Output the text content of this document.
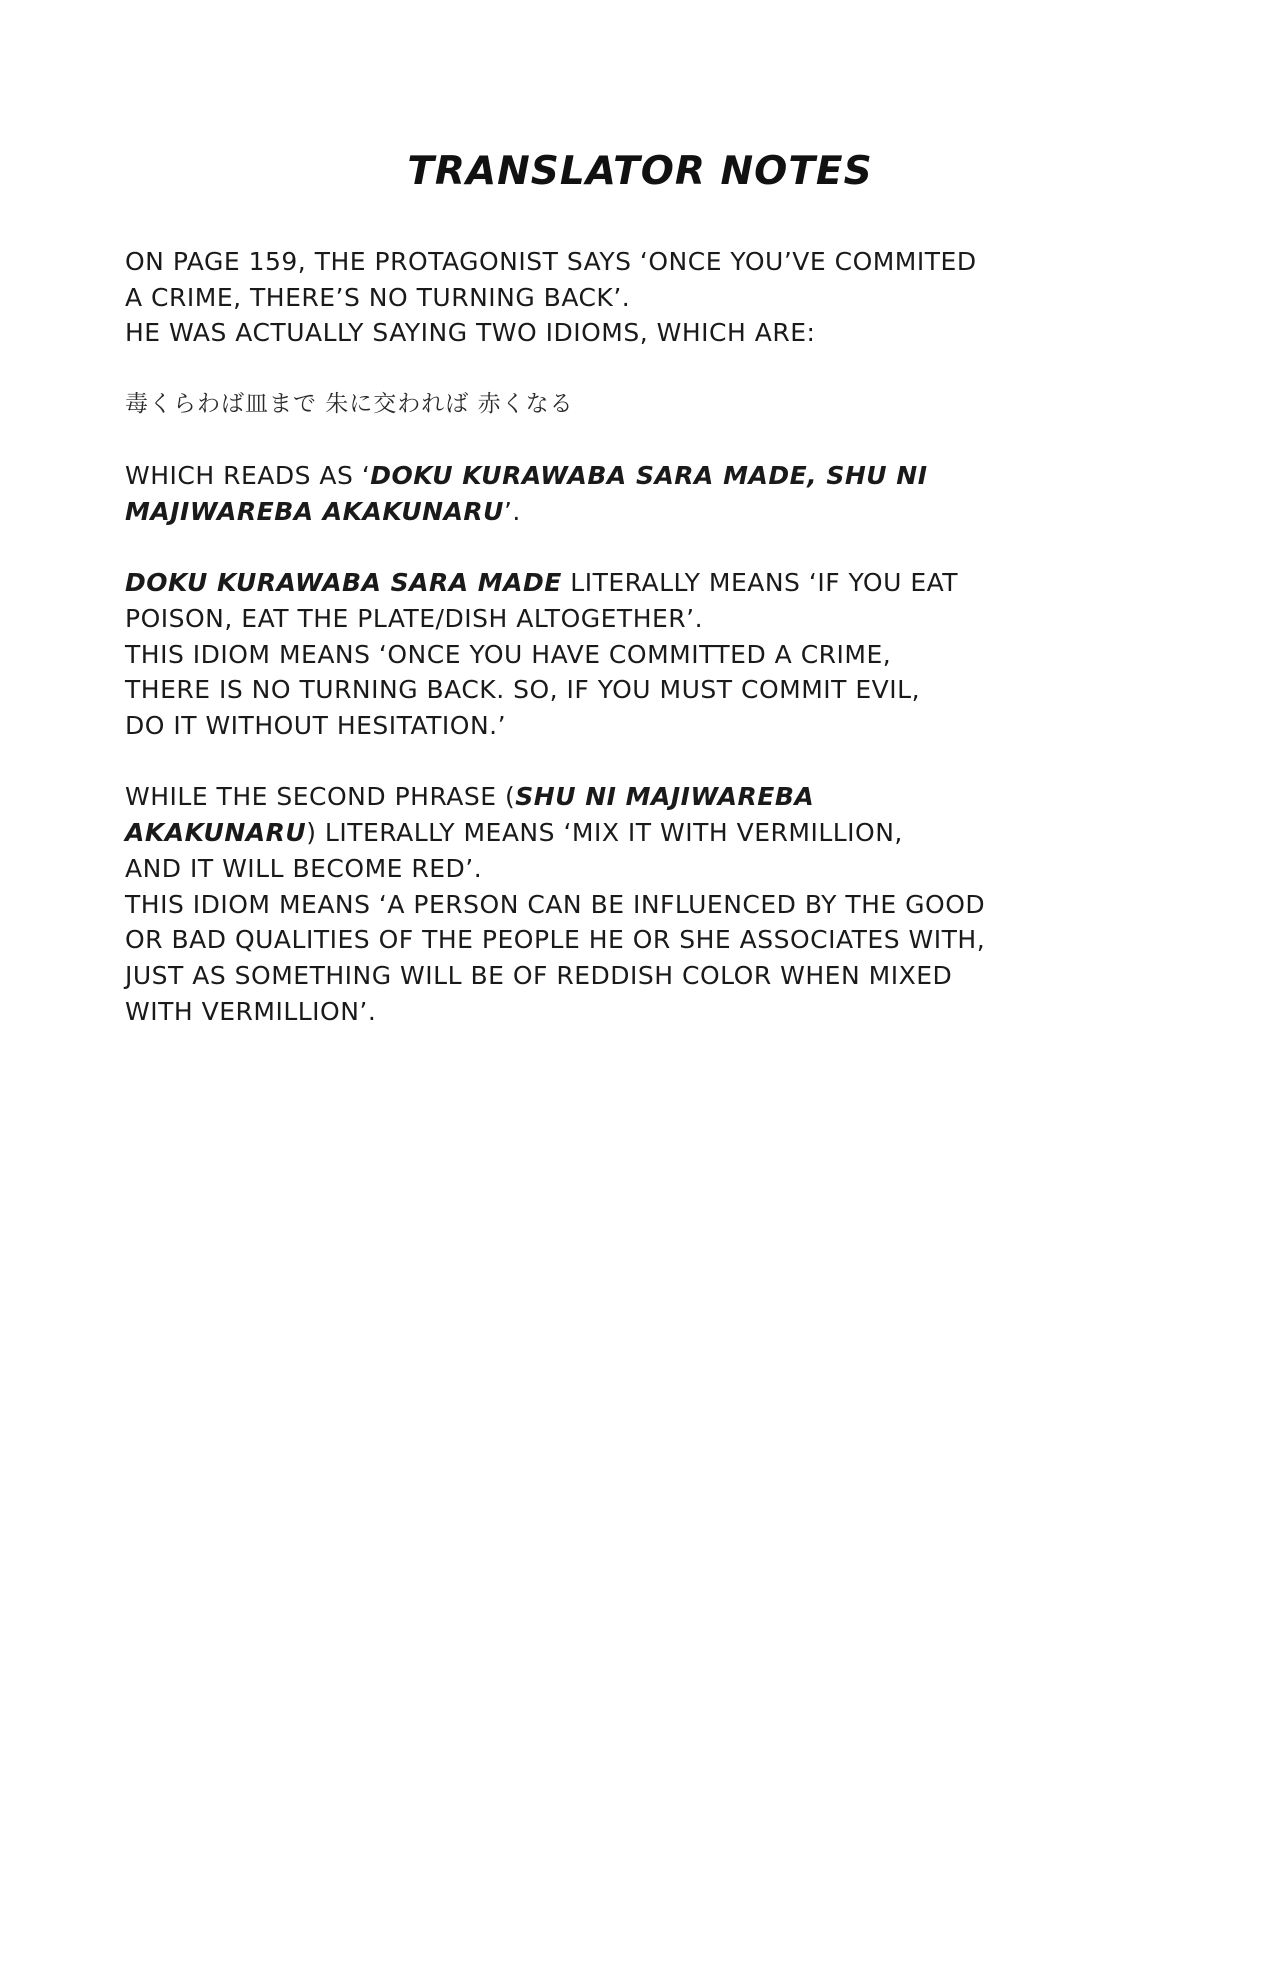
TRANSLATOR NOTES
ON PAGE 159, THE PROTAGONIST SAYS ‘ONCE YOU’VE COMMITED
A CRIME, THERE’S NO TURNING BACK’.
HE WAS ACTUALLY SAYING TWO IDIOMS, WHICH ARE:
毒くらわば皿まで 朱に交われば 赤くなる
WHICH READS AS ‘DOKU KURAWABA SARA MADE, SHU NI
MAJIWAREBA AKAKUNARU’.
DOKU KURAWABA SARA MADE LITERALLY MEANS ‘IF YOU EAT
POISON, EAT THE PLATE/DISH ALTOGETHER’.
THIS IDIOM MEANS ‘ONCE YOU HAVE COMMITTED A CRIME,
THERE IS NO TURNING BACK. SO, IF YOU MUST COMMIT EVIL,
DO IT WITHOUT HESITATION.’
WHILE THE SECOND PHRASE (SHU NI MAJIWAREBA
AKAKUNARU) LITERALLY MEANS ‘MIX IT WITH VERMILLION,
AND IT WILL BECOME RED’.
THIS IDIOM MEANS ‘A PERSON CAN BE INFLUENCED BY THE GOOD
OR BAD QUALITIES OF THE PEOPLE HE OR SHE ASSOCIATES WITH,
JUST AS SOMETHING WILL BE OF REDDISH COLOR WHEN MIXED
WITH VERMILLION’.
